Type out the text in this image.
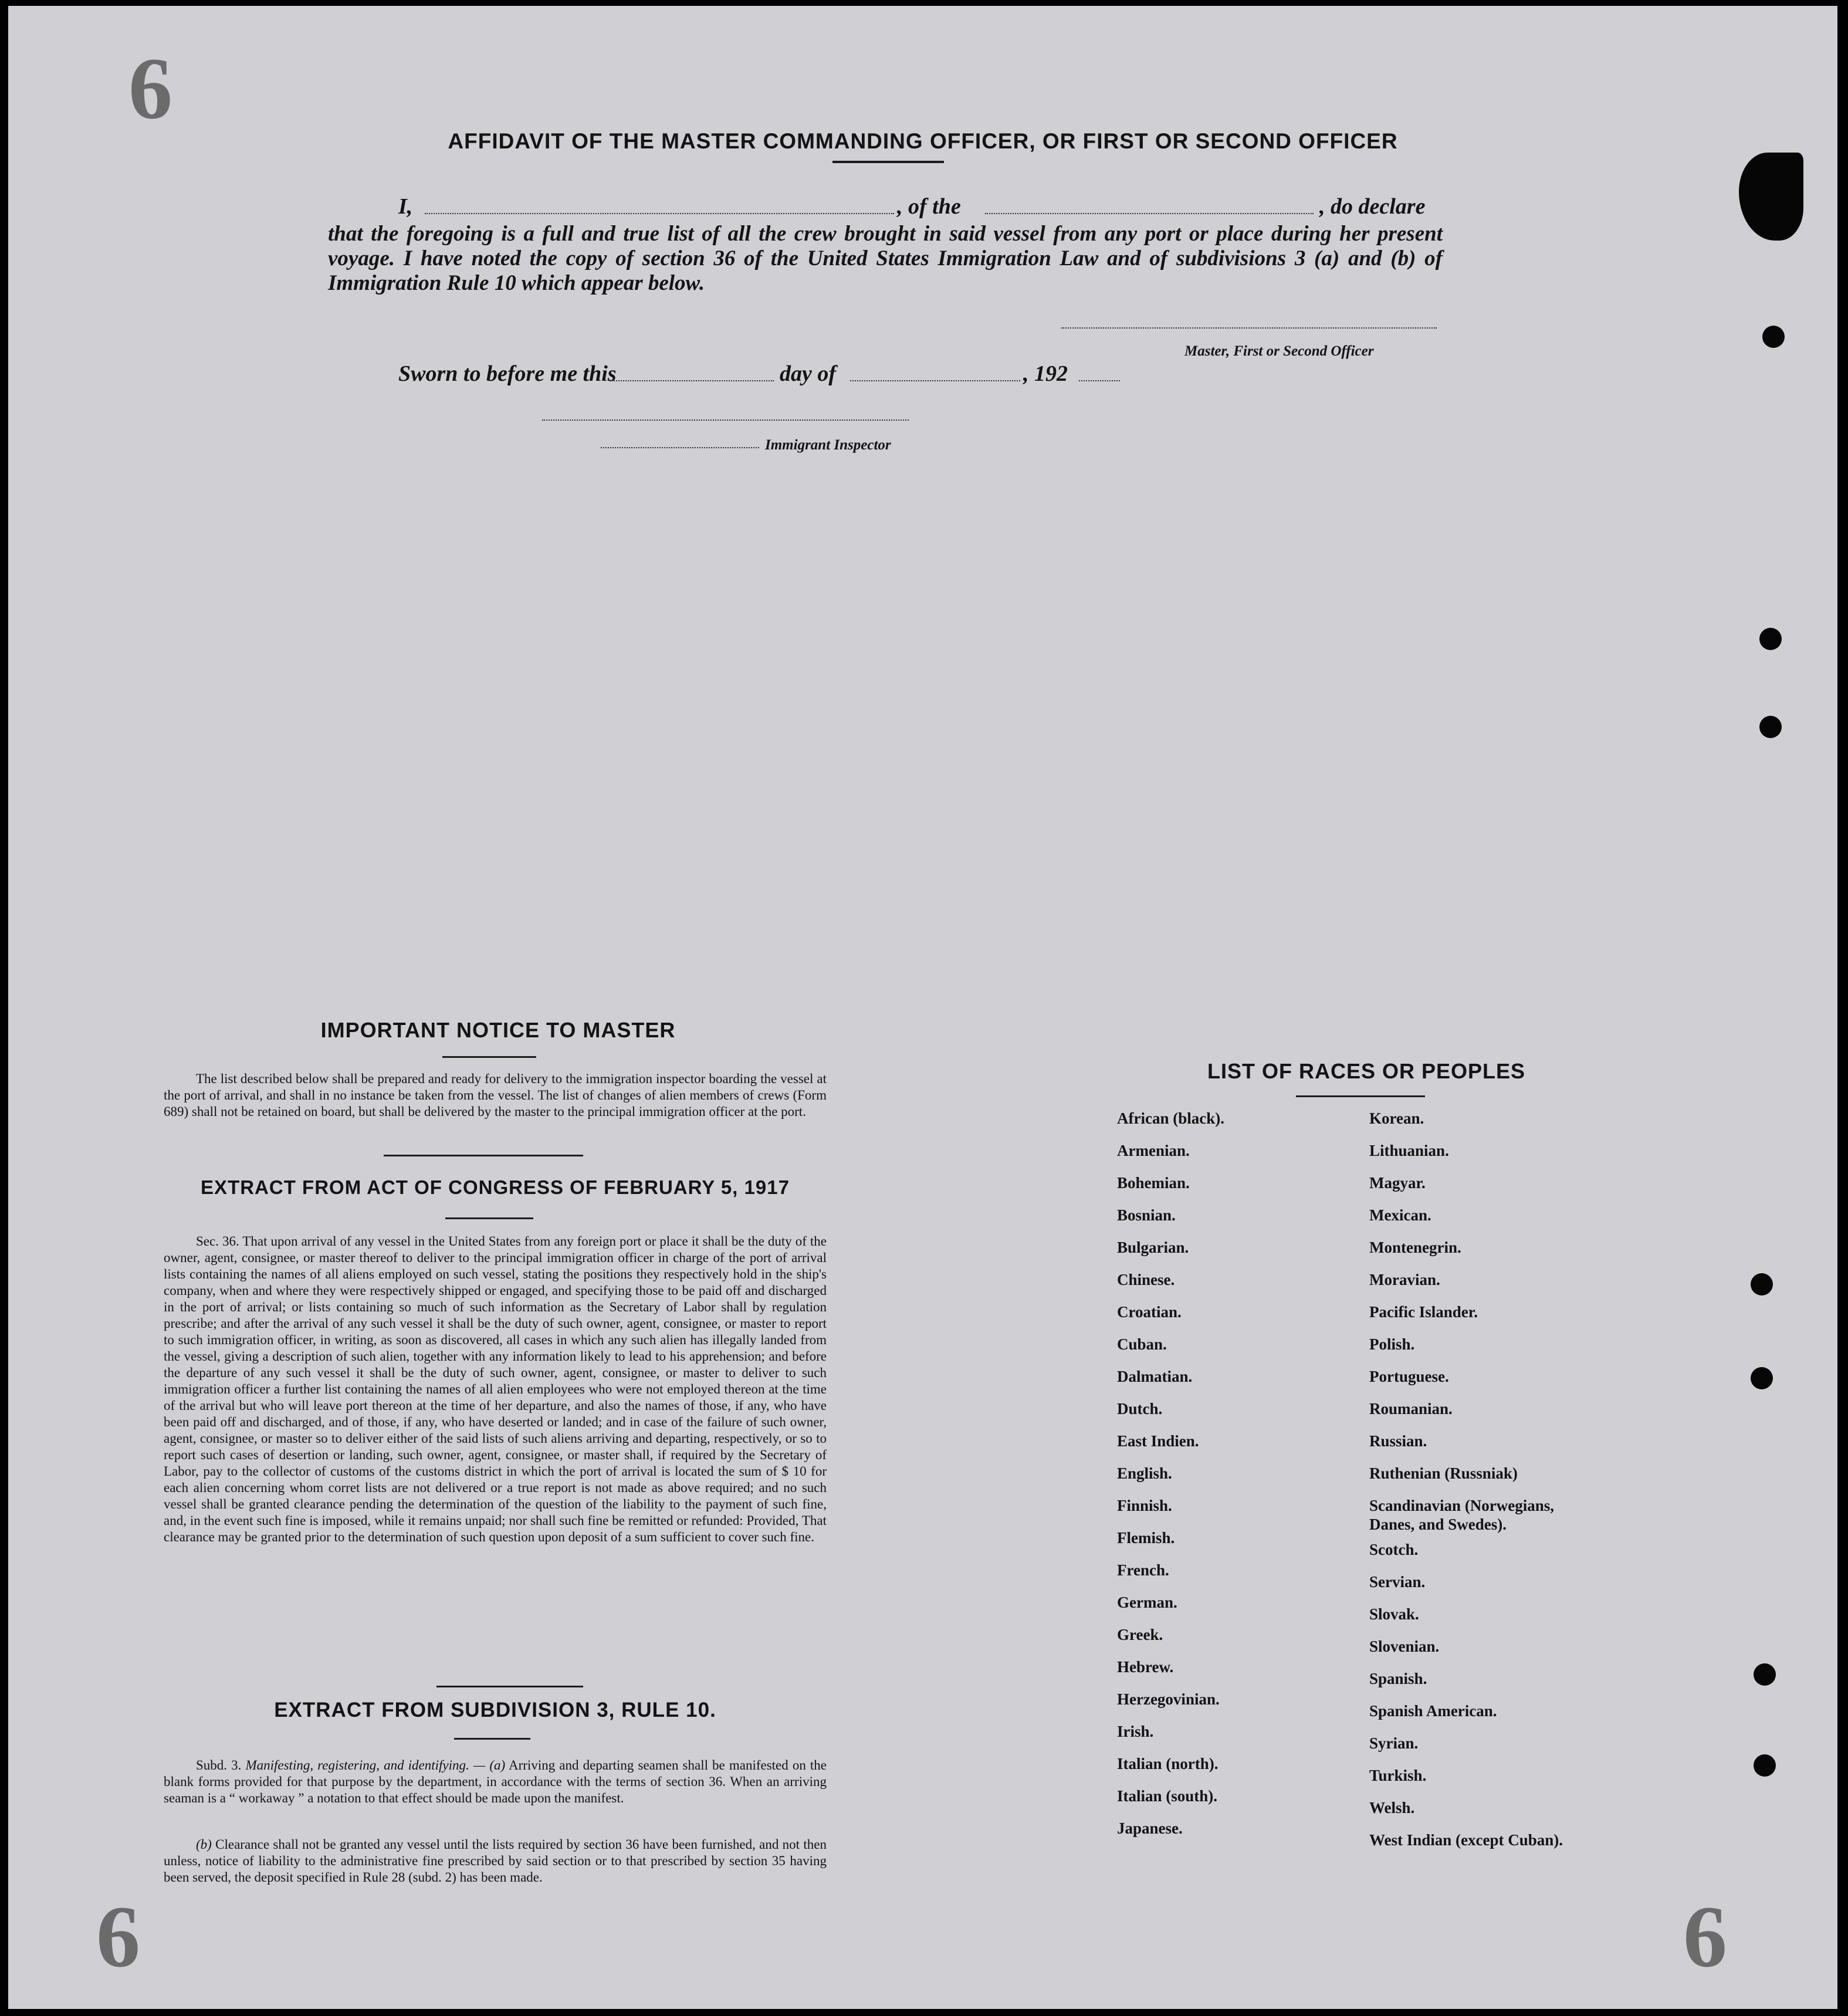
6
6	6
AFFIDAVIT OF THE MASTER COMMANDING OFFICER, OR FIRST OR SECOND OFFICER
I,	, of the	, do declare
that the foregoing is a full and true list of all the crew brought in said vessel from any port or place during her present voyage. I have noted the copy of section 36 of the United States Immigration Law and of subdivisions 3 (a) and (b) of Immigration Rule 10 which appear below.
Master, First or Second Officer
Sworn to before me this	day of	, 192
Immigrant Inspector
IMPORTANT NOTICE TO MASTER
The list described below shall be prepared and ready for delivery to the immigration inspector boarding the vessel at the port of arrival, and shall in no instance be taken from the vessel. The list of changes of alien members of crews (Form 689) shall not be retained on board, but shall be delivered by the master to the principal immigration officer at the port.
EXTRACT FROM ACT OF CONGRESS OF FEBRUARY 5, 1917
Sec. 36. That upon arrival of any vessel in the United States from any foreign port or place it shall be the duty of the owner, agent, consignee, or master thereof to deliver to the principal immigration officer in charge of the port of arrival lists containing the names of all aliens employed on such vessel, stating the positions they respectively hold in the ship's company, when and where they were respectively shipped or engaged, and specifying those to be paid off and discharged in the port of arrival; or lists containing so much of such information as the Secretary of Labor shall by regulation prescribe; and after the arrival of any such vessel it shall be the duty of such owner, agent, consignee, or master to report to such immigration officer, in writing, as soon as discovered, all cases in which any such alien has illegally landed from the vessel, giving a description of such alien, together with any information likely to lead to his apprehension; and before the departure of any such vessel it shall be the duty of such owner, agent, consignee, or master to deliver to such immigration officer a further list containing the names of all alien employees who were not employed thereon at the time of the arrival but who will leave port thereon at the time of her departure, and also the names of those, if any, who have been paid off and discharged, and of those, if any, who have deserted or landed; and in case of the failure of such owner, agent, consignee, or master so to deliver either of the said lists of such aliens arriving and departing, respectively, or so to report such cases of desertion or landing, such owner, agent, consignee, or master shall, if required by the Secretary of Labor, pay to the collector of customs of the customs district in which the port of arrival is located the sum of $ 10 for each alien concerning whom corret lists are not delivered or a true report is not made as above required; and no such vessel shall be granted clearance pending the determination of the question of the liability to the payment of such fine, and, in the event such fine is imposed, while it remains unpaid; nor shall such fine be remitted or refunded: Provided, That clearance may be granted prior to the determination of such question upon deposit of a sum sufficient to cover such fine.
EXTRACT FROM SUBDIVISION 3, RULE 10.
Subd. 3. Manifesting, registering, and identifying. — (a) Arriving and departing seamen shall be manifested on the blank forms provided for that purpose by the department, in accordance with the terms of section 36. When an arriving seaman is a “ workaway ” a notation to that effect should be made upon the manifest.
(b) Clearance shall not be granted any vessel until the lists required by section 36 have been furnished, and not then unless, notice of liability to the administrative fine prescribed by said section or to that prescribed by section 35 having been served, the deposit specified in Rule 28 (subd. 2) has been made.
LIST OF RACES OR PEOPLES
African (black).
Armenian.
Bohemian.
Bosnian.
Bulgarian.
Chinese.
Croatian.
Cuban.
Dalmatian.
Dutch.
East Indien.
English.
Finnish.
Flemish.
French.
German.
Greek.
Hebrew.
Herzegovinian.
Irish.
Italian (north).
Italian (south).
Japanese.
Korean.
Lithuanian.
Magyar.
Mexican.
Montenegrin.
Moravian.
Pacific Islander.
Polish.
Portuguese.
Roumanian.
Russian.
Ruthenian (Russniak)
Scandinavian (Norwegians, Danes, and Swedes).
Scotch.
Servian.
Slovak.
Slovenian.
Spanish.
Spanish American.
Syrian.
Turkish.
Welsh.
West Indian (except Cuban).
